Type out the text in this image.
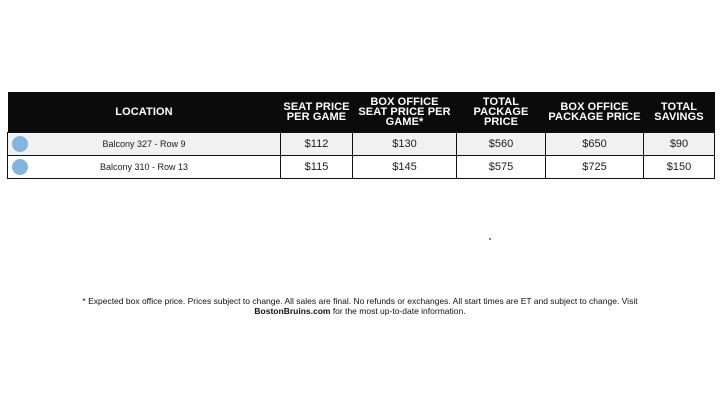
LOCATION	SEAT PRICE PER GAME	BOX OFFICE SEAT PRICE PER GAME*	TOTAL PACKAGE PRICE	BOX OFFICE PACKAGE PRICE	TOTAL SAVINGS

Balcony 327 - Row 9	$112	$130	$560	$650	$90

Balcony 310 - Row 13	$115	$145	$575	$725	$150

* Expected box office price. Prices subject to change. All sales are final. No refunds or exchanges. All start times are ET and subject to change. Visit BostonBruins.com for the most up-to-date information.
